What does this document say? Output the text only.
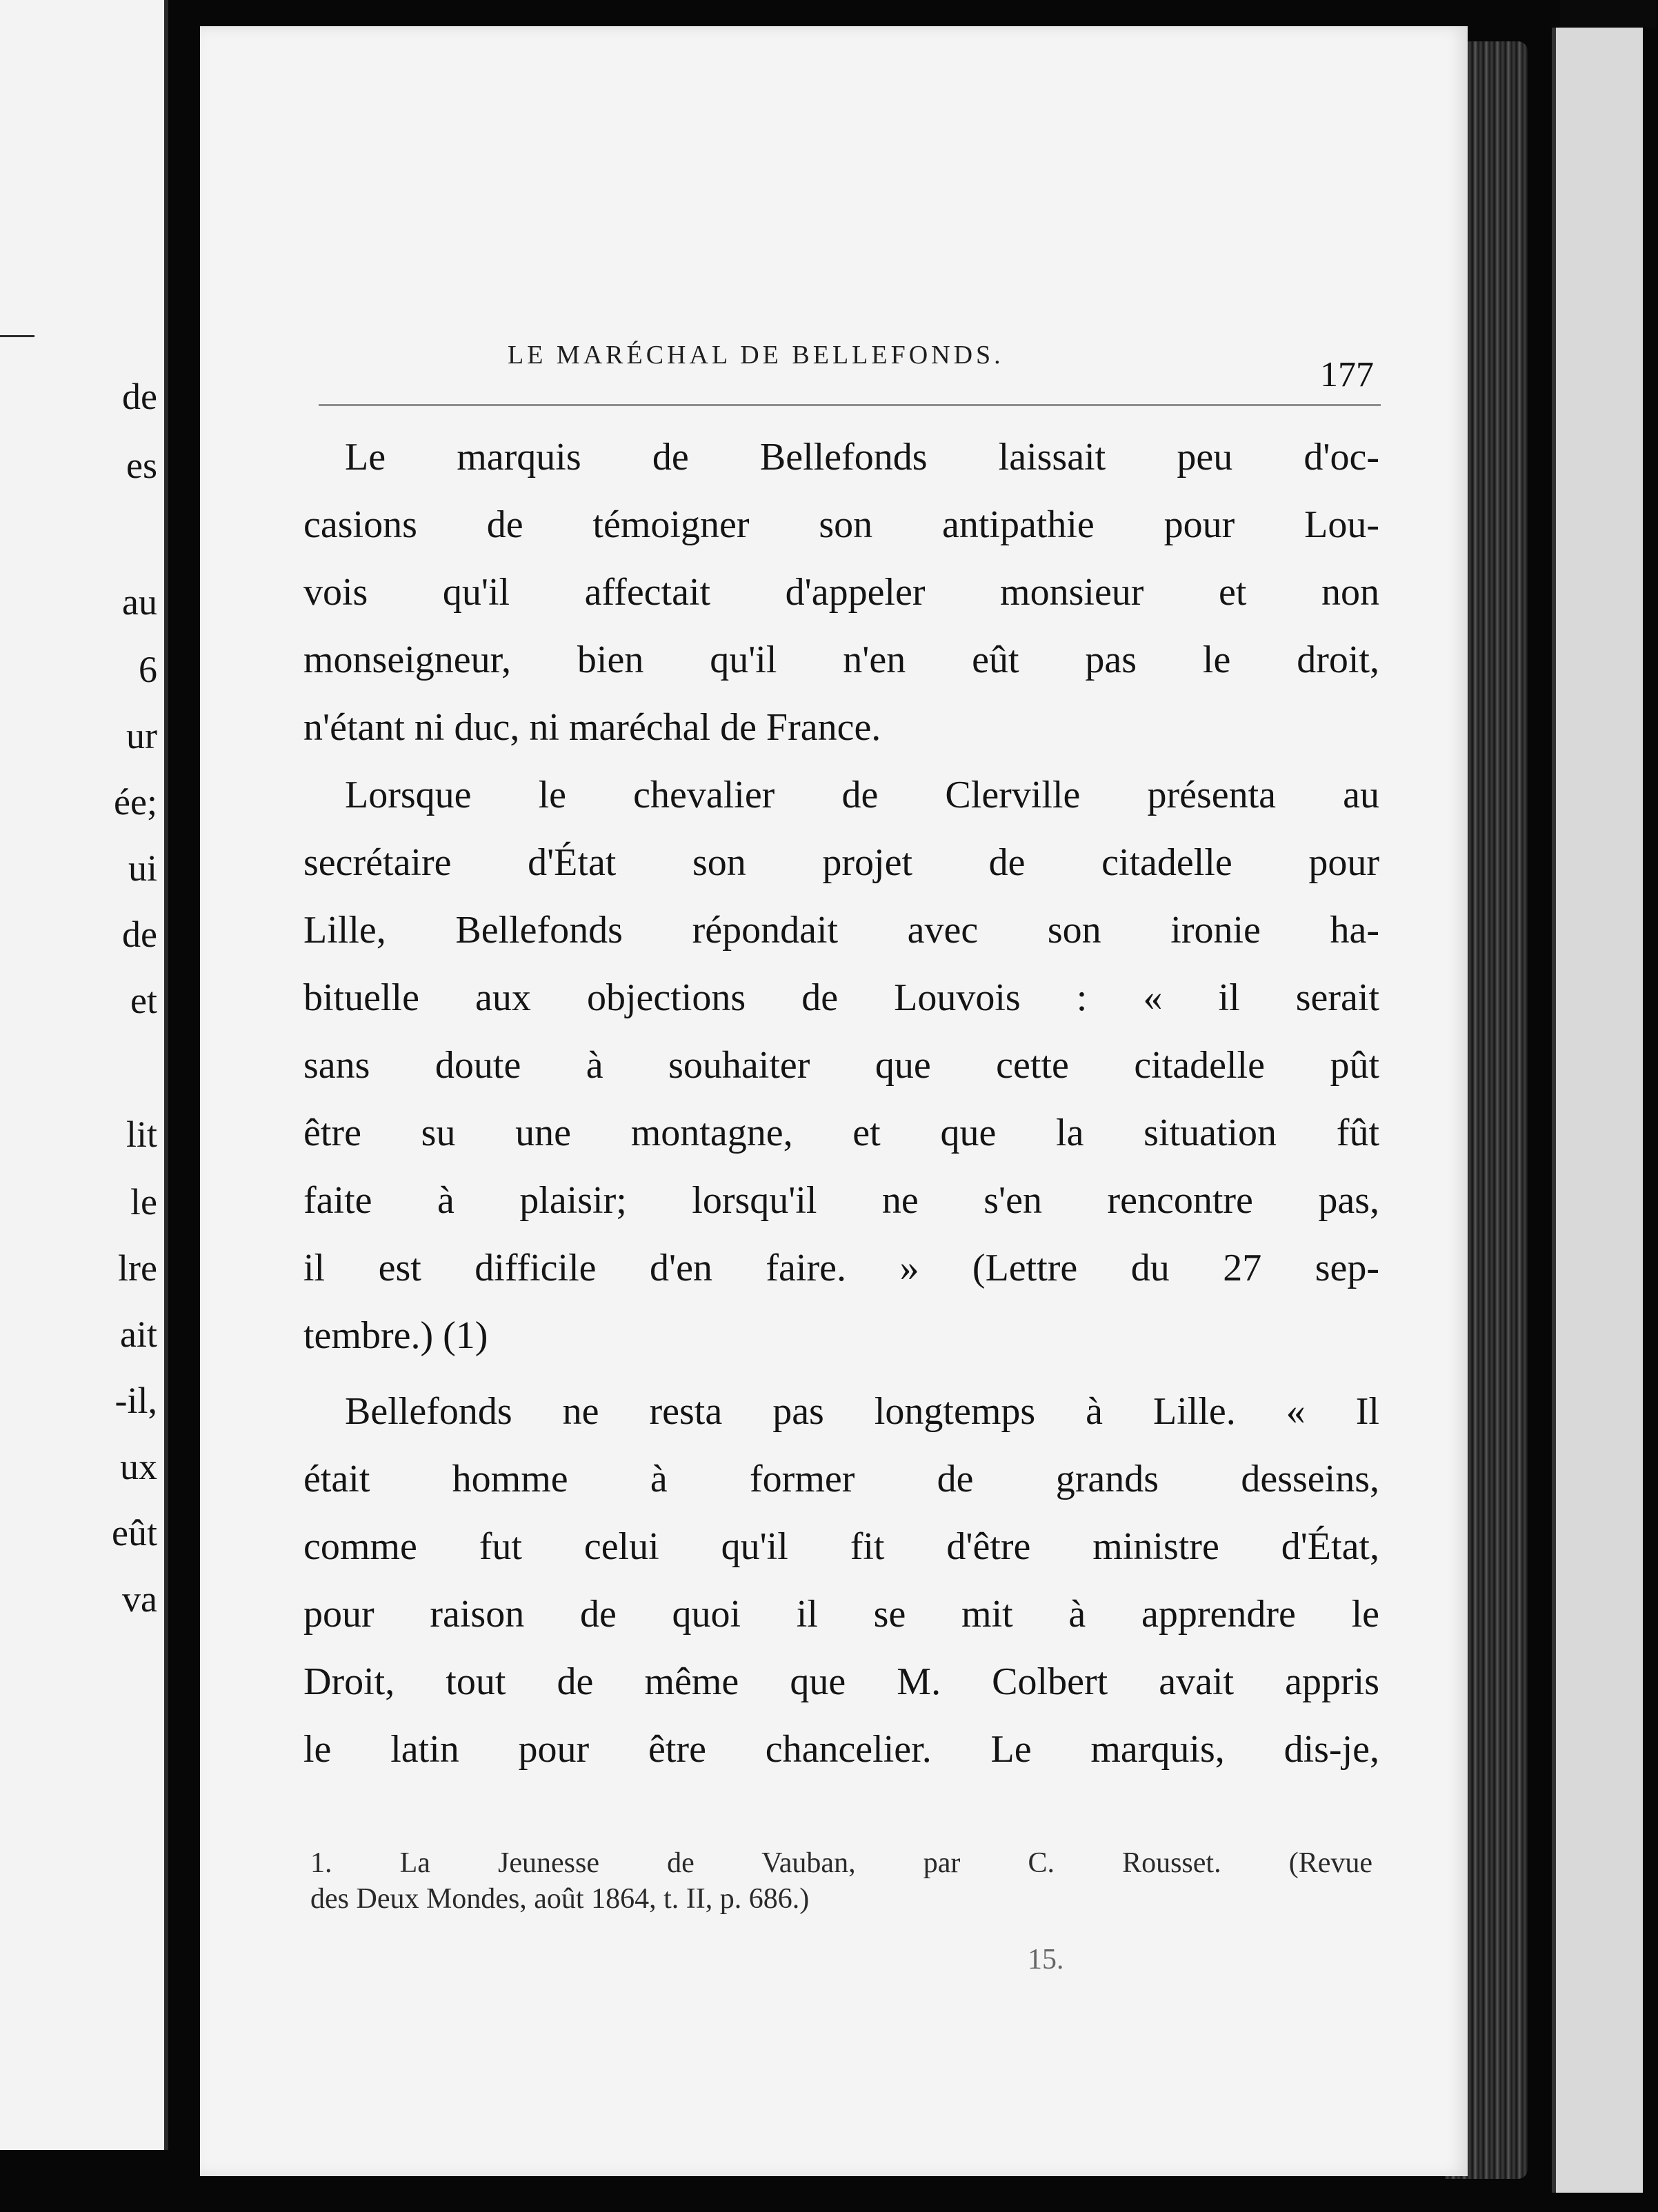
de
es
au
6
ur
ée;
ui
de
et
lit
le
lre
ait
-il,
ux
eût
va
LE MARÉCHAL DE BELLEFONDS.	177

Le marquis de Bellefonds laissait peu d'oc-

casions de témoigner son antipathie pour Lou-

vois qu'il affectait d'appeler monsieur et non

monseigneur, bien qu'il n'en eût pas le droit,

n'étant ni duc, ni maréchal de France.

Lorsque le chevalier de Clerville présenta au

secrétaire d'État son projet de citadelle pour

Lille, Bellefonds répondait avec son ironie ha-

bituelle aux objections de Louvois : « il serait

sans doute à souhaiter que cette citadelle pût

être su une montagne, et que la situation fût

faite à plaisir; lorsqu'il ne s'en rencontre pas,

il est difficile d'en faire. » (Lettre du 27 sep-

tembre.) (1)

Bellefonds ne resta pas longtemps à Lille. « Il

était homme à former de grands desseins,

comme fut celui qu'il fit d'être ministre d'État,

pour raison de quoi il se mit à apprendre le

Droit, tout de même que M. Colbert avait appris

le latin pour être chancelier. Le marquis, dis-je,

1. La Jeunesse de Vauban, par C. Rousset. (Revue

des Deux Mondes, août 1864, t. II, p. 686.)

15.
